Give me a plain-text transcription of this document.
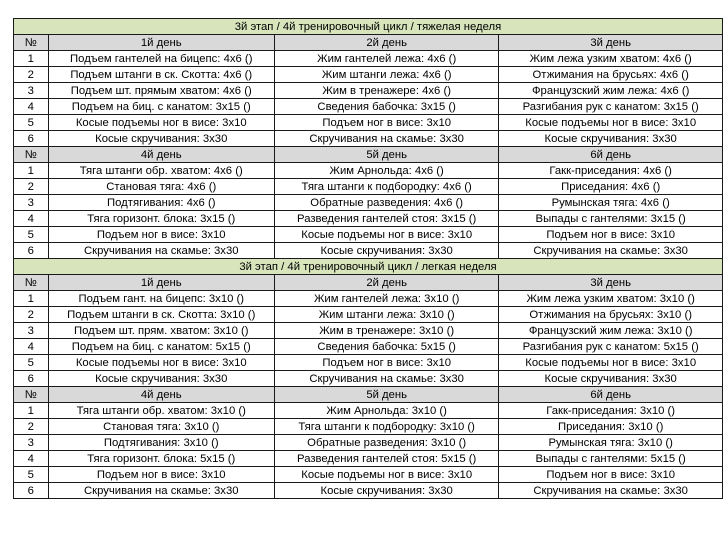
3й этап / 4й тренировочный цикл / тяжелая неделя			
№	1й день	2й день	3й день
1	Подъем гантелей на бицепс: 4х6 ()	Жим гантелей лежа: 4х6 ()	Жим лежа узким хватом: 4х6 ()
2	Подъем штанги в ск. Скотта: 4х6 ()	Жим штанги лежа: 4х6 ()	Отжимания на брусьях: 4х6 ()
3	Подъем шт. прямым хватом: 4х6 ()	Жим в тренажере: 4х6 ()	Французский жим лежа: 4х6 ()
4	Подъем на биц. с канатом: 3х15 ()	Сведения бабочка: 3х15 ()	Разгибания рук с канатом: 3х15 ()
5	Косые подъемы ног в висе: 3х10	Подъем ног в висе: 3х10	Косые подъемы ног в висе: 3х10
6	Косые скручивания: 3х30	Скручивания на скамье: 3х30	Косые скручивания: 3х30
№	4й день	5й день	6й день
1	Тяга штанги обр. хватом: 4х6 ()	Жим Арнольда: 4х6 ()	Гакк-приседания: 4х6 ()
2	Становая тяга: 4х6 ()	Тяга штанги к подбородку: 4х6 ()	Приседания: 4х6 ()
3	Подтягивания: 4х6 ()	Обратные разведения: 4х6 ()	Румынская тяга: 4х6 ()
4	Тяга горизонт. блока: 3х15 ()	Разведения гантелей стоя: 3х15 ()	Выпады с гантелями: 3х15 ()
5	Подъем ног в висе: 3х10	Косые подъемы ног в висе: 3х10	Подъем ног в висе: 3х10
6	Скручивания на скамье: 3х30	Косые скручивания: 3х30	Скручивания на скамье: 3х30
3й этап / 4й тренировочный цикл / легкая неделя			
№	1й день	2й день	3й день
1	Подъем гант. на бицепс: 3х10 ()	Жим гантелей лежа: 3х10 ()	Жим лежа узким хватом: 3х10 ()
2	Подъем штанги в ск. Скотта: 3х10 ()	Жим штанги лежа: 3х10 ()	Отжимания на брусьях: 3х10 ()
3	Подъем шт. прям. хватом: 3х10 ()	Жим в тренажере: 3х10 ()	Французский жим лежа: 3х10 ()
4	Подъем на биц. с канатом: 5х15 ()	Сведения бабочка: 5х15 ()	Разгибания рук с канатом: 5х15 ()
5	Косые подъемы ног в висе: 3х10	Подъем ног в висе: 3х10	Косые подъемы ног в висе: 3х10
6	Косые скручивания: 3х30	Скручивания на скамье: 3х30	Косые скручивания: 3х30
№	4й день	5й день	6й день
1	Тяга штанги обр. хватом: 3х10 ()	Жим Арнольда: 3х10 ()	Гакк-приседания: 3х10 ()
2	Становая тяга: 3х10 ()	Тяга штанги к подбородку: 3х10 ()	Приседания: 3х10 ()
3	Подтягивания: 3х10 ()	Обратные разведения: 3х10 ()	Румынская тяга: 3х10 ()
4	Тяга горизонт. блока: 5х15 ()	Разведения гантелей стоя: 5х15 ()	Выпады с гантелями: 5х15 ()
5	Подъем ног в висе: 3х10	Косые подъемы ног в висе: 3х10	Подъем ног в висе: 3х10
6	Скручивания на скамье: 3х30	Косые скручивания: 3х30	Скручивания на скамье: 3х30
